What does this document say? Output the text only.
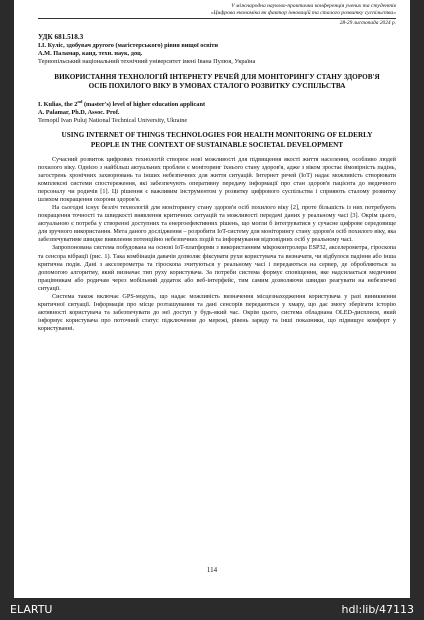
V міжнародна науково-практична конференція учених та студентів
«Цифрова економіка як фактор інновацій та сталого розвитку суспільства»
28-29 листопада 2024 р.
УДК 681.518.3
І.І. Куліс, здобувач другого (магістерського) рівня вищої освіти
А.М. Паламар, канд. техн. наук, доц.
Тернопільський національний технічний університет імені Івана Пулюя, Україна
ВИКОРИСТАННЯ ТЕХНОЛОГІЙ ІНТЕРНЕТУ РЕЧЕЙ ДЛЯ МОНІТОРИНГУ СТАНУ ЗДОРОВ'Я ОСІБ ПОХИЛОГО ВІКУ В УМОВАХ СТАЛОГО РОЗВИТКУ СУСПІЛЬСТВА
I. Kulias, the 2nd (master's) level of higher education applicant
A. Palamar, Ph.D, Assoc. Prof.
Ternopil Ivan Puluj National Technical University, Ukraine
USING INTERNET OF THINGS TECHNOLOGIES FOR HEALTH MONITORING OF ELDERLY PEOPLE IN THE CONTEXT OF SUSTAINABLE SOCIETAL DEVELOPMENT

Сучасний розвиток цифрових технологій створює нові можливості для підвищення якості життя населення, особливо людей похилого віку. Однією з найбільш актуальних проблем є моніторинг їхнього стану здоров'я, адже з віком зростає ймовірність падінь, загострень хронічних захворювань та інших небезпечних для життя ситуацій. Інтернет речей (IoT) надає можливість створювати комплексні системи спостереження, які забезпечують оперативну передачу інформації про стан здоров'я пацієнта до медичного персоналу чи родичів [1]. Ці рішення є важливим інструментом у розвитку цифрового суспільства і сприяють сталому розвитку шляхом покращення охорони здоров'я.

На сьогодні існує безліч технологій для моніторингу стану здоров'я осіб похилого віку [2], проте більшість із них потребують покращення точності та швидкості виявлення критичних ситуацій та можливості передачі даних у реальному часі [3]. Окрім цього, актуальною є потреба у створенні доступних та енергоефективних рішень, що могли б інтегруватися у сучасне цифрове середовище для зручного використання. Мета даного дослідження – розробити IoT-систему для моніторингу стану здоров'я осіб похилого віку, яка забезпечуватиме швидке виявлення потенційно небезпечних подій та інформування відповідних осіб у реальному часі.

Запропонована система побудована на основі IoT-платформи з використанням мікроконтролера ESP32, акселерометра, гіроскопа та сенсора вібрації (рис. 1). Така комбінація давачів дозволяє фіксувати рухи користувача та визначати, чи відбулося падіння або інша критична подія. Дані з акселерометра та гіроскопа зчитуються у реальному часі і передаються на сервер, де обробляються за допомогою алгоритму, який визначає тип руху користувача. За потреби система формує сповіщення, яке надсилається медичним працівникам або родичам через мобільний додаток або веб-інтерфейс, тим самим дозволяючи швидко реагувати на небезпечні ситуації.

Система також включає GPS-модуль, що надає можливість визначення місцезнаходження користувача у разі виникнення критичної ситуації. Інформація про місце розташування та дані сенсорів передаються у хмару, що дає змогу зберігати історію активності користувача та забезпечувати до неї доступ у будь-який час. Окрім цього, система обладнана OLED-дисплеєм, який інформує користувача про поточний статус підключення до мережі, рівень заряду та інші показники, що підвищує комфорт у користуванні.

114
ELARTU	hdl:lib/47113
